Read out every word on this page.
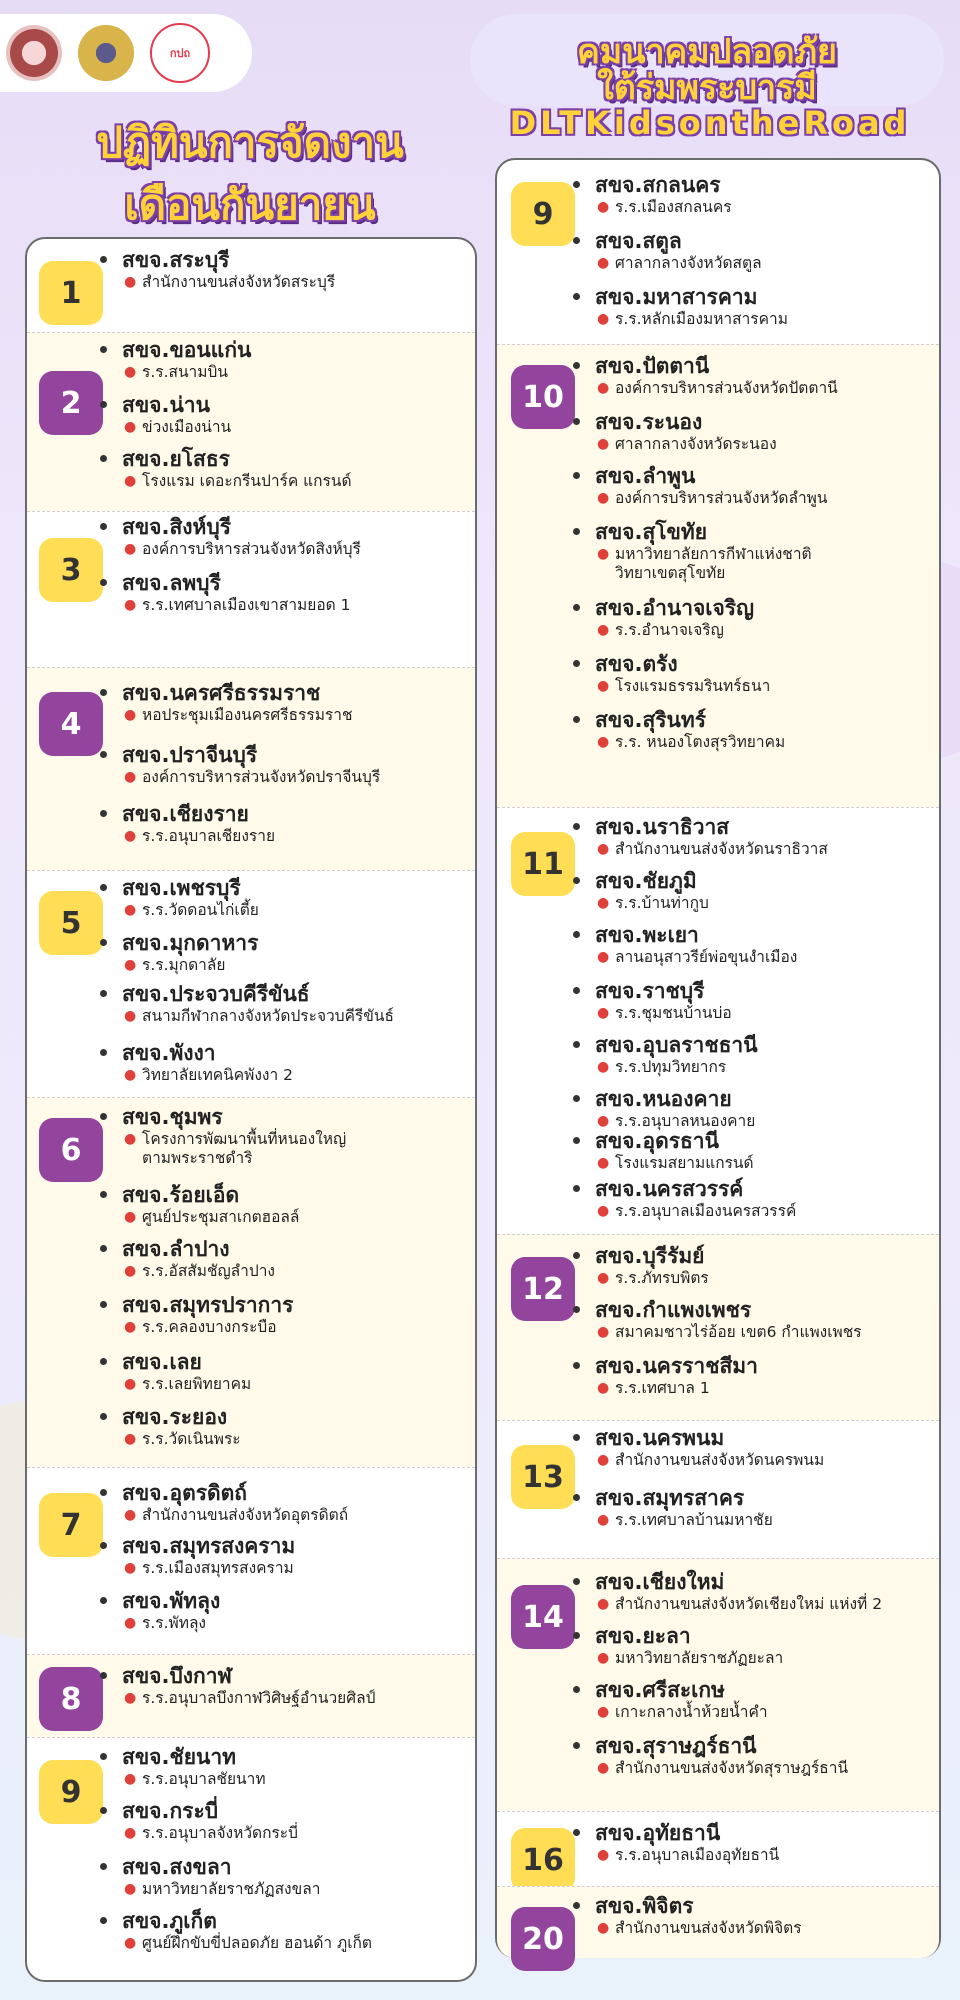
กปถ	คมนาคมปลอดภัย
ใต้ร่มพระบารมี
DLTKidsontheRoad
ปฏิทินการจัดงาน
เดือนกันยายน
1
สขจ.สระบุรี
● สำนักงานขนส่งจังหวัดสระบุรี
2
สขจ.ขอนแก่น
● ร.ร.สนามบิน
สขจ.น่าน
● ข่วงเมืองน่าน
สขจ.ยโสธร
● โรงแรม เดอะกรีนปาร์ค แกรนด์
3
สขจ.สิงห์บุรี
● องค์การบริหารส่วนจังหวัดสิงห์บุรี
สขจ.ลพบุรี
● ร.ร.เทศบาลเมืองเขาสามยอด 1
4
สขจ.นครศรีธรรมราช
● หอประชุมเมืองนครศรีธรรมราช
สขจ.ปราจีนบุรี
● องค์การบริหารส่วนจังหวัดปราจีนบุรี
สขจ.เชียงราย
● ร.ร.อนุบาลเชียงราย
5
สขจ.เพชรบุรี
● ร.ร.วัดดอนไก่เตี้ย
สขจ.มุกดาหาร
● ร.ร.มุกดาลัย
สขจ.ประจวบคีรีขันธ์
● สนามกีฬากลางจังหวัดประจวบคีรีขันธ์
สขจ.พังงา
● วิทยาลัยเทคนิคพังงา 2
6
สขจ.ชุมพร
● โครงการพัฒนาพื้นที่หนองใหญ่
ตามพระราชดำริ
สขจ.ร้อยเอ็ด
● ศูนย์ประชุมสาเกตฮอลล์
สขจ.ลำปาง
● ร.ร.อัสสัมชัญลำปาง
สขจ.สมุทรปราการ
● ร.ร.คลองบางกระบือ
สขจ.เลย
● ร.ร.เลยพิทยาคม
สขจ.ระยอง
● ร.ร.วัดเนินพระ
7
สขจ.อุตรดิตถ์
● สำนักงานขนส่งจังหวัดอุตรดิตถ์
สขจ.สมุทรสงคราม
● ร.ร.เมืองสมุทรสงคราม
สขจ.พัทลุง
● ร.ร.พัทลุง
8
สขจ.บึงกาฬ
● ร.ร.อนุบาลบึงกาฬวิศิษฐ์อำนวยศิลป์
9
สขจ.ชัยนาท
● ร.ร.อนุบาลชัยนาท
สขจ.กระบี่
● ร.ร.อนุบาลจังหวัดกระบี่
สขจ.สงขลา
● มหาวิทยาลัยราชภัฏสงขลา
สขจ.ภูเก็ต
● ศูนย์ฝึกขับขี่ปลอดภัย ฮอนด้า ภูเก็ต
9
สขจ.สกลนคร
● ร.ร.เมืองสกลนคร
สขจ.สตูล
● ศาลากลางจังหวัดสตูล
สขจ.มหาสารคาม
● ร.ร.หลักเมืองมหาสารคาม
10
สขจ.ปัตตานี
● องค์การบริหารส่วนจังหวัดปัตตานี
สขจ.ระนอง
● ศาลากลางจังหวัดระนอง
สขจ.ลำพูน
● องค์การบริหารส่วนจังหวัดลำพูน
สขจ.สุโขทัย
● มหาวิทยาลัยการกีฬาแห่งชาติ
วิทยาเขตสุโขทัย
สขจ.อำนาจเจริญ
● ร.ร.อำนาจเจริญ
สขจ.ตรัง
● โรงแรมธรรมรินทร์ธนา
สขจ.สุรินทร์
● ร.ร. หนองโตงสุรวิทยาคม
11
สขจ.นราธิวาส
● สำนักงานขนส่งจังหวัดนราธิวาส
สขจ.ชัยภูมิ
● ร.ร.บ้านท่ากูบ
สขจ.พะเยา
● ลานอนุสาวรีย์พ่อขุนงำเมือง
สขจ.ราชบุรี
● ร.ร.ชุมชนบ้านบ่อ
สขจ.อุบลราชธานี
● ร.ร.ปทุมวิทยากร
สขจ.หนองคาย
● ร.ร.อนุบาลหนองคาย
สขจ.อุดรธานี
● โรงแรมสยามแกรนด์
สขจ.นครสวรรค์
● ร.ร.อนุบาลเมืองนครสวรรค์
12
สขจ.บุรีรัมย์
● ร.ร.ภัทรบพิตร
สขจ.กำแพงเพชร
● สมาคมชาวไร่อ้อย เขต6 กำแพงเพชร
สขจ.นครราชสีมา
● ร.ร.เทศบาล 1
13
สขจ.นครพนม
● สำนักงานขนส่งจังหวัดนครพนม
สขจ.สมุทรสาคร
● ร.ร.เทศบาลบ้านมหาชัย
14
สขจ.เชียงใหม่
● สำนักงานขนส่งจังหวัดเชียงใหม่ แห่งที่ 2
สขจ.ยะลา
● มหาวิทยาลัยราชภัฏยะลา
สขจ.ศรีสะเกษ
● เกาะกลางน้ำห้วยน้ำคำ
สขจ.สุราษฎร์ธานี
● สำนักงานขนส่งจังหวัดสุราษฎร์ธานี
16
สขจ.อุทัยธานี
● ร.ร.อนุบาลเมืองอุทัยธานี
20
สขจ.พิจิตร
● สำนักงานขนส่งจังหวัดพิจิตร
